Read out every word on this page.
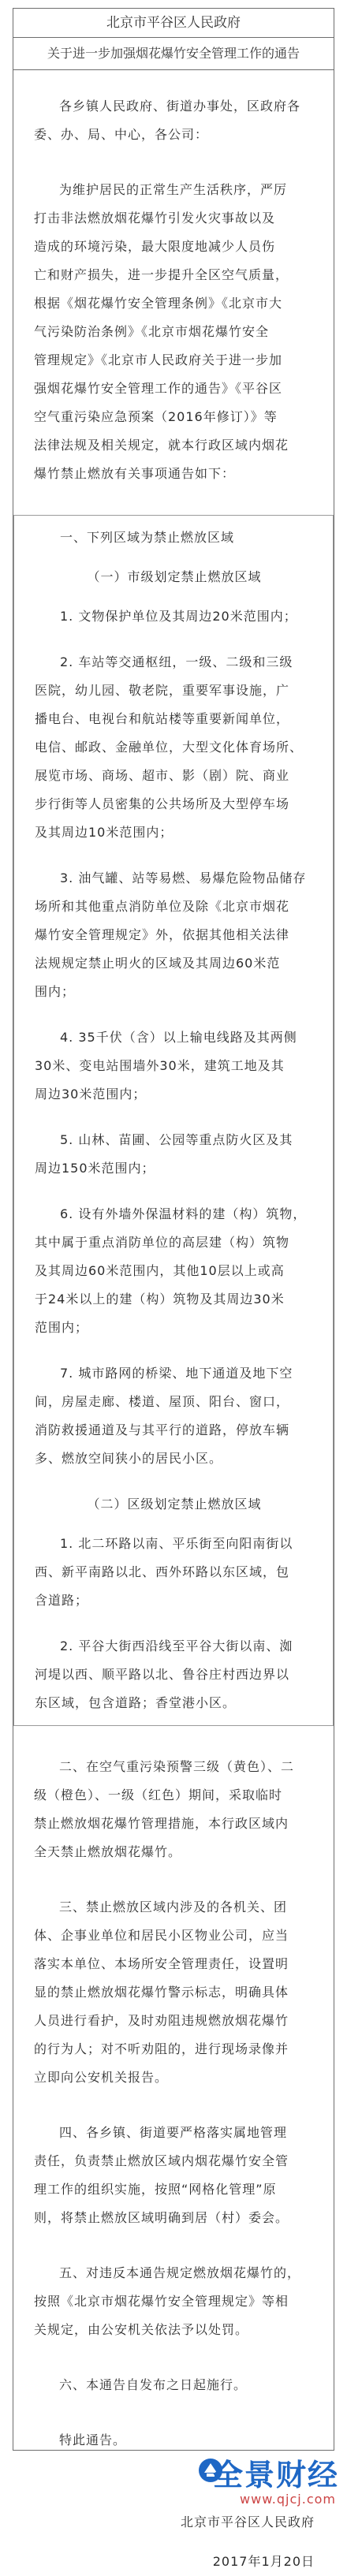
北京市平谷区人民政府
关于进一步加强烟花爆竹安全管理工作的通告

各乡镇人民政府、街道办事处，区政府各委、办、局、中心，各公司：

为维护居民的正常生产生活秩序，严厉

打击非法燃放烟花爆竹引发火灾事故以及

造成的环境污染，最大限度地减少人员伤

亡和财产损失，进一步提升全区空气质量，

根据《烟花爆竹安全管理条例》《北京市大

气污染防治条例》《北京市烟花爆竹安全

管理规定》《北京市人民政府关于进一步加

强烟花爆竹安全管理工作的通告》《平谷区

空气重污染应急预案（2016年修订）》等

法律法规及相关规定，就本行政区域内烟花

爆竹禁止燃放有关事项通告如下：

一、下列区域为禁止燃放区域

（一）市级划定禁止燃放区域

1. 文物保护单位及其周边20米范围内；

2. 车站等交通枢纽，一级、二级和三级

医院，幼儿园、敬老院，重要军事设施，广

播电台、电视台和航站楼等重要新闻单位，

电信、邮政、金融单位，大型文化体育场所、

展览市场、商场、超市、影（剧）院、商业

步行街等人员密集的公共场所及大型停车场

及其周边10米范围内；

3. 油气罐、站等易燃、易爆危险物品储存

场所和其他重点消防单位及除《北京市烟花

爆竹安全管理规定》外，依据其他相关法律

法规规定禁止明火的区域及其周边60米范

围内；

4. 35千伏（含）以上输电线路及其两侧

30米、变电站围墙外30米，建筑工地及其

周边30米范围内；

5. 山林、苗圃、公园等重点防火区及其

周边150米范围内；

6. 设有外墙外保温材料的建（构）筑物，

其中属于重点消防单位的高层建（构）筑物

及其周边60米范围内，其他10层以上或高

于24米以上的建（构）筑物及其周边30米

范围内；

7. 城市路网的桥梁、地下通道及地下空

间，房屋走廊、楼道、屋顶、阳台、窗口，

消防救援通道及与其平行的道路，停放车辆

多、燃放空间狭小的居民小区。

（二）区级划定禁止燃放区域

1. 北二环路以南、平乐街至向阳南街以

西、新平南路以北、西外环路以东区域，包

含道路；

2. 平谷大街西沿线至平谷大街以南、洳

河堤以西、顺平路以北、鲁谷庄村西边界以

东区域，包含道路；香堂港小区。

二、在空气重污染预警三级（黄色）、二

级（橙色）、一级（红色）期间，采取临时

禁止燃放烟花爆竹管理措施，本行政区域内

全天禁止燃放烟花爆竹。

三、禁止燃放区域内涉及的各机关、团

体、企事业单位和居民小区物业公司，应当

落实本单位、本场所安全管理责任，设置明

显的禁止燃放烟花爆竹警示标志，明确具体

人员进行看护，及时劝阻违规燃放烟花爆竹

的行为人；对不听劝阻的，进行现场录像并

立即向公安机关报告。

四、各乡镇、街道要严格落实属地管理

责任，负责禁止燃放区域内烟花爆竹安全管

理工作的组织实施，按照“网格化管理”原

则，将禁止燃放区域明确到居（村）委会。

五、对违反本通告规定燃放烟花爆竹的，

按照《北京市烟花爆竹安全管理规定》等相

关规定，由公安机关依法予以处罚。

六、本通告自发布之日起施行。

特此通告。

北京市平谷区人民政府

2017年1月20日

全景财经
www.qjcj.com
